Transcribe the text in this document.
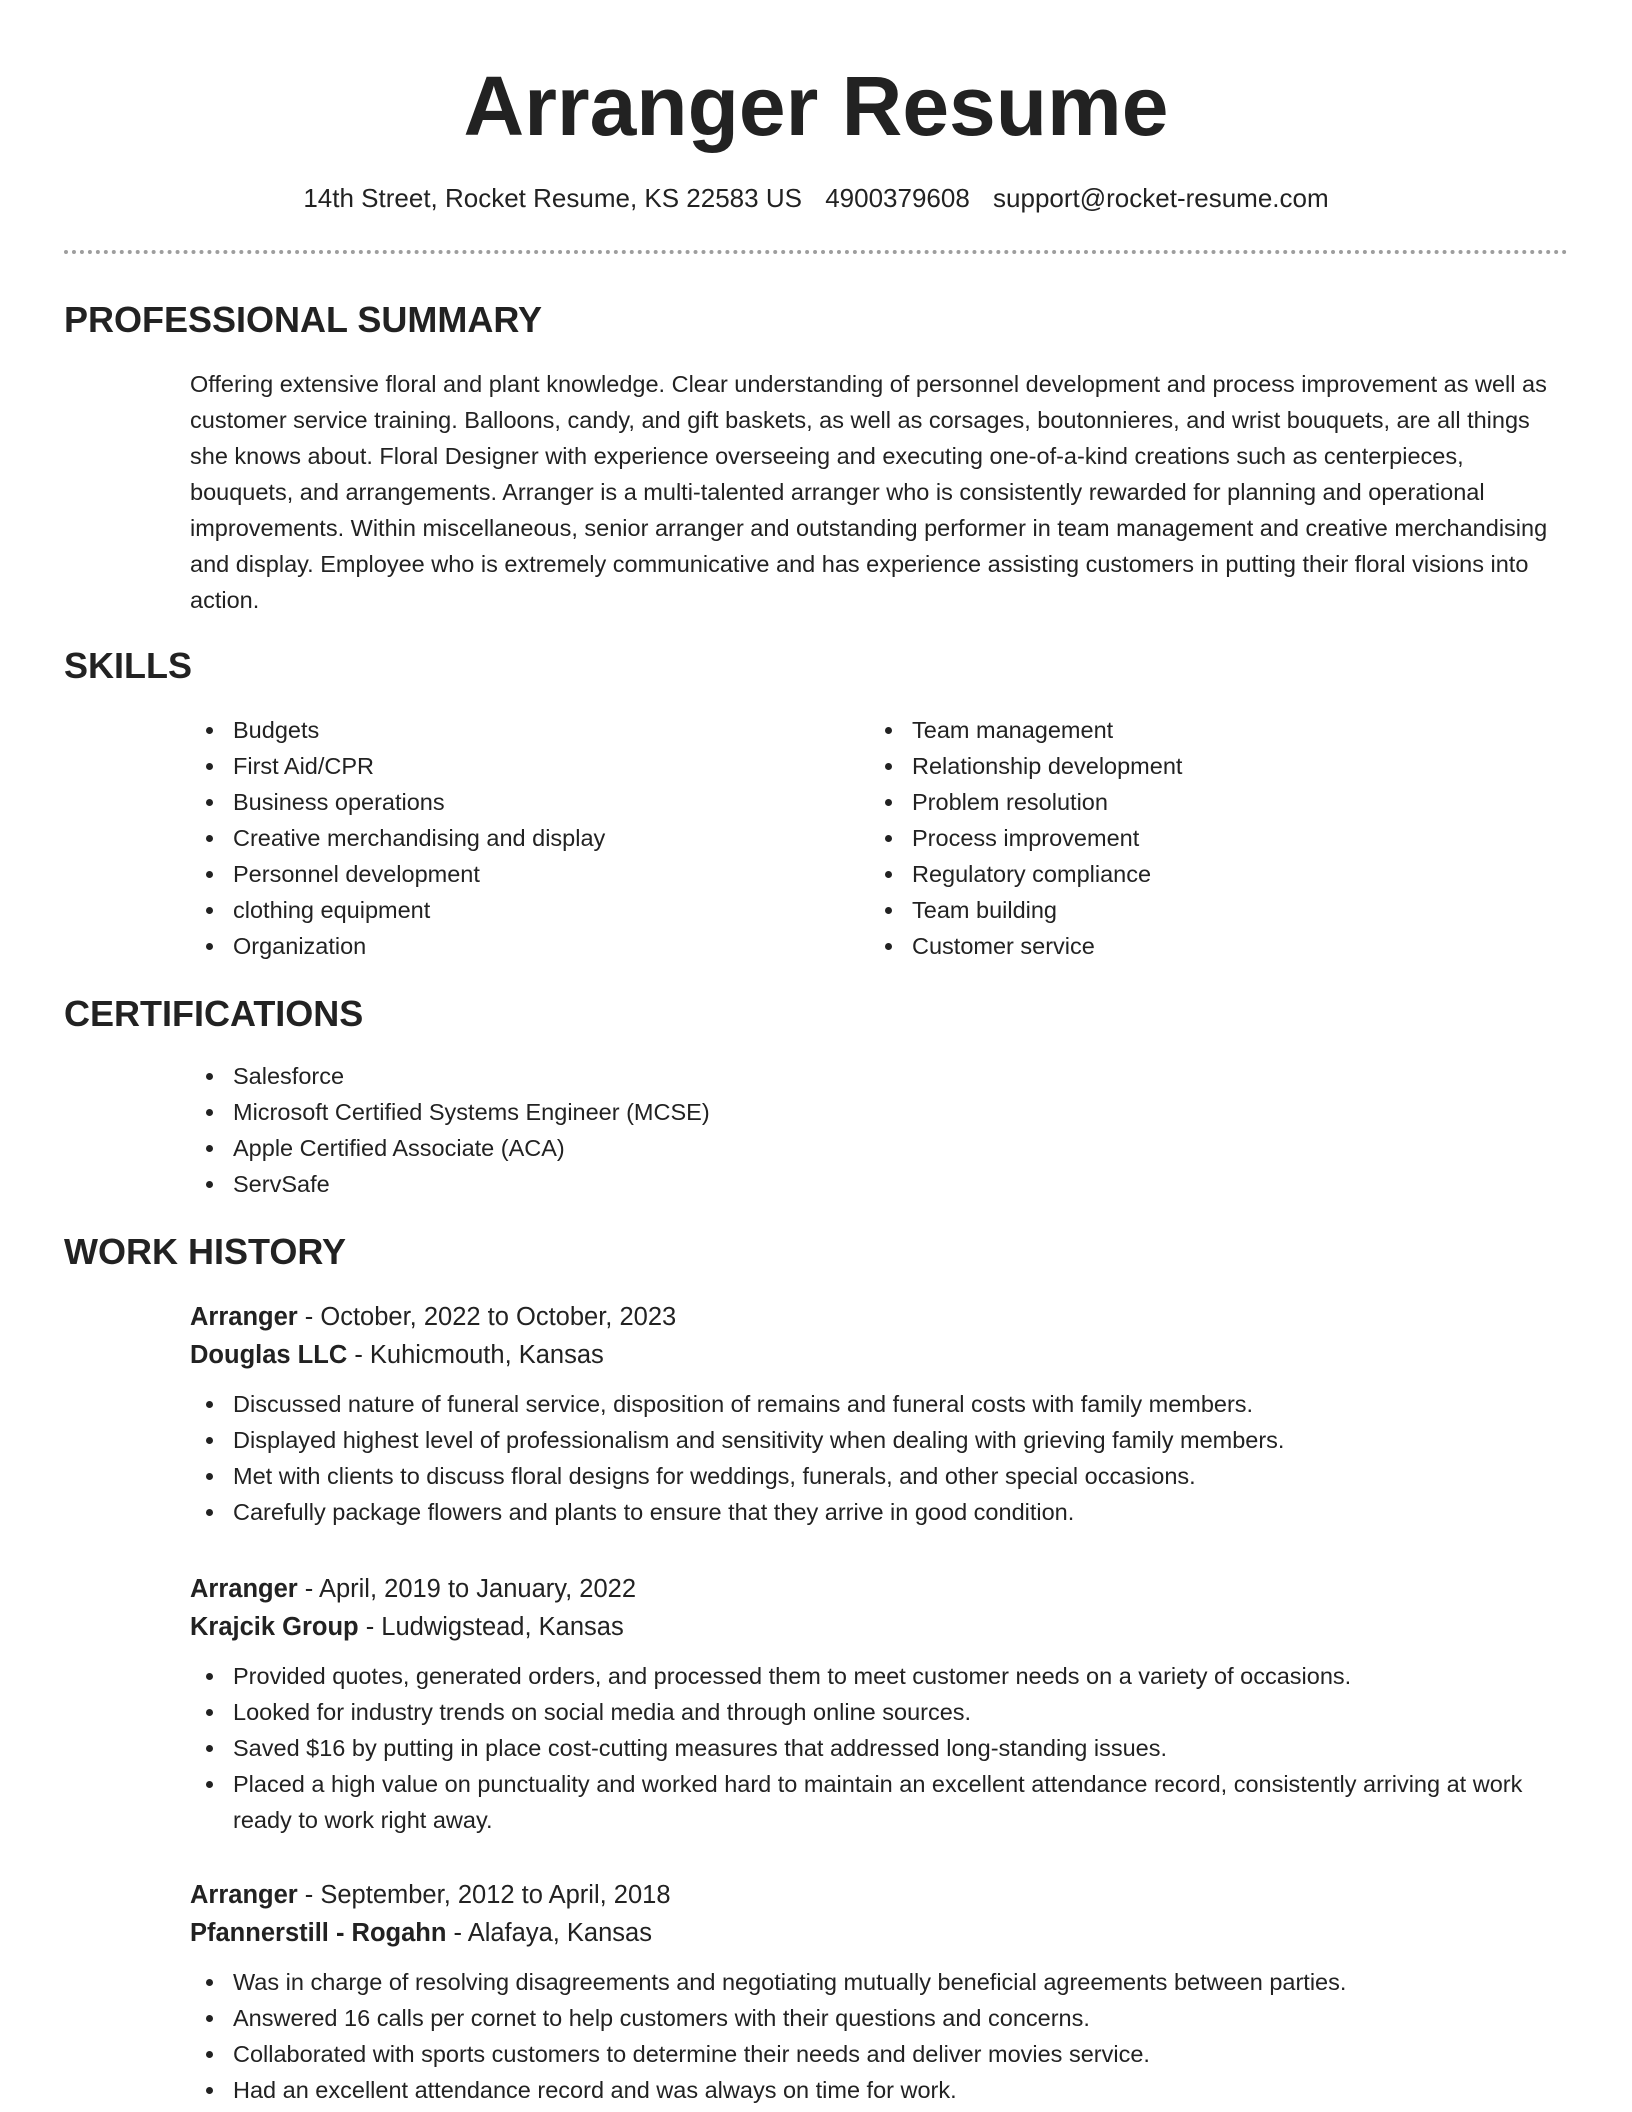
Arranger Resume
14th Street, Rocket Resume, KS 22583 US 4900379608 support@rocket-resume.com
PROFESSIONAL SUMMARY

Offering extensive floral and plant knowledge. Clear understanding of personnel development and process improvement as well as customer service training. Balloons, candy, and gift baskets, as well as corsages, boutonnieres, and wrist bouquets, are all things she knows about. Floral Designer with experience overseeing and executing one-of-a-kind creations such as centerpieces, bouquets, and arrangements. Arranger is a multi-talented arranger who is consistently rewarded for planning and operational improvements. Within miscellaneous, senior arranger and outstanding performer in team management and creative merchandising and display. Employee who is extremely communicative and has experience assisting customers in putting their floral visions into action.

SKILLS
Budgets
First Aid/CPR
Business operations
Creative merchandising and display
Personnel development
clothing equipment
Organization
Team management
Relationship development
Problem resolution
Process improvement
Regulatory compliance
Team building
Customer service
CERTIFICATIONS
Salesforce
Microsoft Certified Systems Engineer (MCSE)
Apple Certified Associate (ACA)
ServSafe
WORK HISTORY
Arranger - October, 2022 to October, 2023
Douglas LLC - Kuhicmouth, Kansas
Discussed nature of funeral service, disposition of remains and funeral costs with family members.
Displayed highest level of professionalism and sensitivity when dealing with grieving family members.
Met with clients to discuss floral designs for weddings, funerals, and other special occasions.
Carefully package flowers and plants to ensure that they arrive in good condition.
Arranger - April, 2019 to January, 2022
Krajcik Group - Ludwigstead, Kansas
Provided quotes, generated orders, and processed them to meet customer needs on a variety of occasions.
Looked for industry trends on social media and through online sources.
Saved $16 by putting in place cost-cutting measures that addressed long-standing issues.
Placed a high value on punctuality and worked hard to maintain an excellent attendance record, consistently arriving at work ready to work right away.
Arranger - September, 2012 to April, 2018
Pfannerstill - Rogahn - Alafaya, Kansas
Was in charge of resolving disagreements and negotiating mutually beneficial agreements between parties.
Answered 16 calls per cornet to help customers with their questions and concerns.
Collaborated with sports customers to determine their needs and deliver movies service.
Had an excellent attendance record and was always on time for work.
